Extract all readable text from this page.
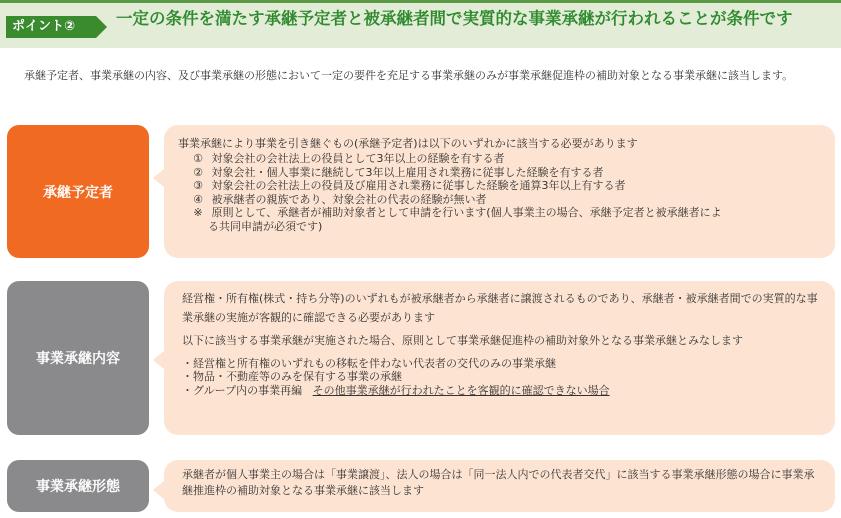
ポイント②	一定の条件を満たす承継予定者と被承継者間で実質的な事業承継が行われることが条件です
承継予定者、事業承継の内容、及び事業承継の形態において一定の要件を充足する事業承継のみが事業承継促進枠の補助対象となる事業承継に該当します。
承継予定者

事業承継により事業を引き継ぐもの(承継予定者)は以下のいずれかに該当する必要があります

① 対象会社の会社法上の役員として3年以上の経験を有する者
② 対象会社・個人事業に継続して3年以上雇用され業務に従事した経験を有する者
③ 対象会社の会社法上の役員及び雇用され業務に従事した経験を通算3年以上有する者
④ 被承継者の親族であり、対象会社の代表の経験が無い者
※ 原則として、承継者が補助対象者として申請を行います(個人事業主の場合、承継予定者と被承継者によ
る共同申請が必須です)
事業承継内容

経営権・所有権(株式・持ち分等)のいずれもが被承継者から承継者に譲渡されるものであり、承継者・被承継者間での実質的な事業承継の実施が客観的に確認できる必要があります

以下に該当する事業承継が実施された場合、原則として事業承継促進枠の補助対象外となる事業承継とみなします

・経営権と所有権のいずれもの移転を伴わない代表者の交代のみの事業承継
・物品・不動産等のみを保有する事業の承継
・グループ内の事業再編 その他事業承継が行われたことを客観的に確認できない場合
事業承継形態

承継者が個人事業主の場合は「事業譲渡」、法人の場合は「同一法人内での代表者交代」に該当する事業承継形態の場合に事業承継推進枠の補助対象となる事業承継に該当します
